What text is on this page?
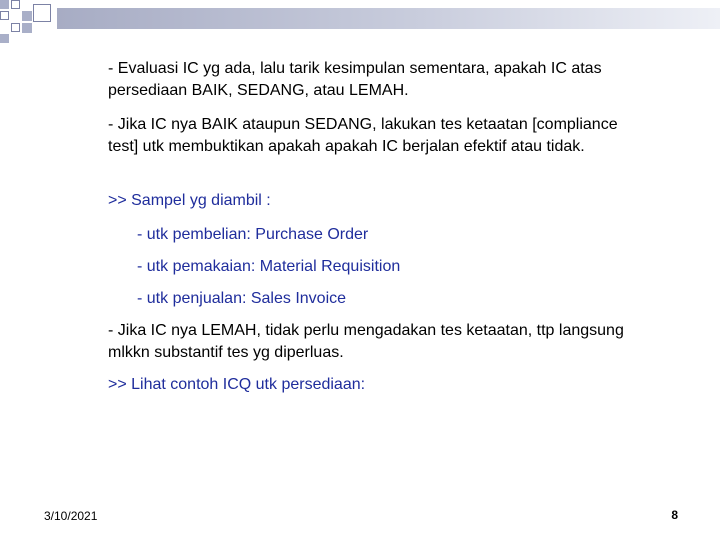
- Evaluasi IC yg ada, lalu tarik kesimpulan sementara, apakah IC atas persediaan BAIK, SEDANG, atau LEMAH.

- Jika IC nya BAIK ataupun SEDANG, lakukan tes ketaatan [compliance test] utk membuktikan apakah apakah IC berjalan efektif atau tidak.

>> Sampel yg diambil :

- utk pembelian: Purchase Order

- utk pemakaian: Material Requisition

- utk penjualan: Sales Invoice

- Jika IC nya LEMAH, tidak perlu mengadakan tes ketaatan, ttp langsung mlkkn substantif tes yg diperluas.

>> Lihat contoh ICQ utk persediaan:

3/10/2021	8
